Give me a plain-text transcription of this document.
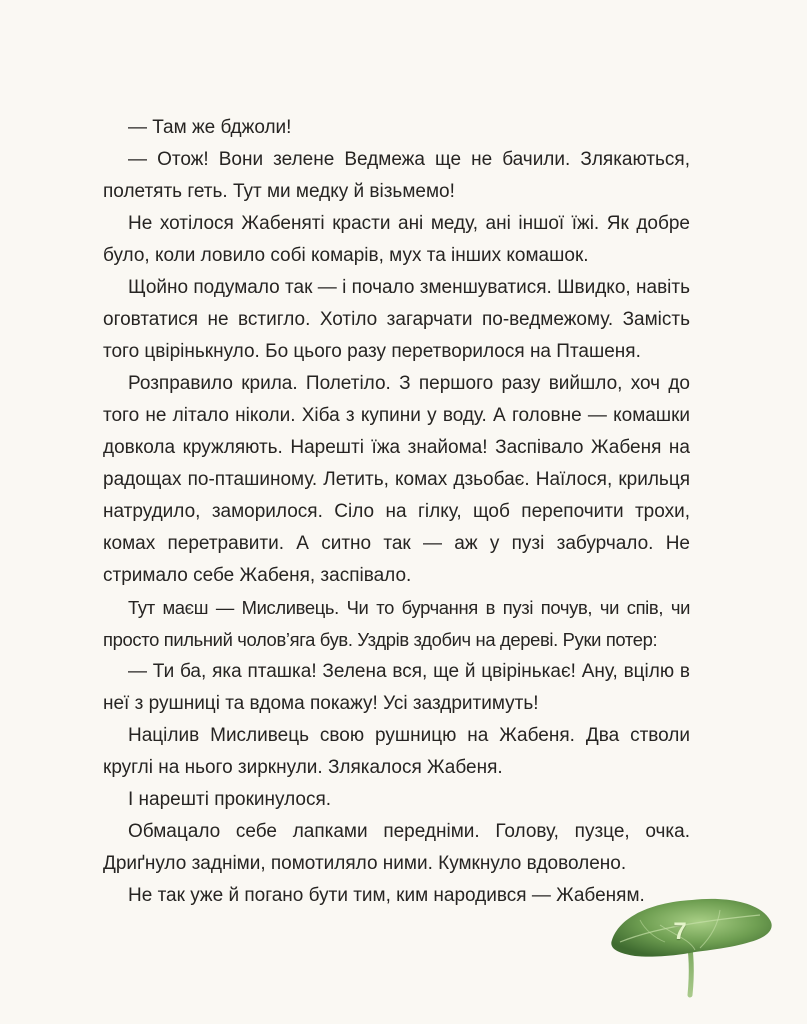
— Там же бджоли!

— Отож! Вони зелене Ведмежа ще не бачили. Злякаються, полетять геть. Тут ми медку й візьмемо!

Не хотілося Жабеняті красти ані меду, ані іншої їжі. Як добре було, коли ловило собі комарів, мух та інших комашок.

Щойно подумало так — і почало зменшуватися. Швидко, навіть оговтатися не встигло. Хотіло загарчати по-ведмежому. Замість того цвірінькнуло. Бо цього разу перетворилося на Пташеня.

Розправило крила. Полетіло. З першого разу вийшло, хоч до того не літало ніколи. Хіба з купини у воду. А головне — комашки довкола кружляють. Нарешті їжа знайома! Заспівало Жабеня на радощах по-пташиному. Летить, комах дзьобає. Наїлося, крильця натрудило, заморилося. Сіло на гілку, щоб перепочити трохи, комах перетравити. А ситно так — аж у пузі забурчало. Не стримало себе Жабеня, заспівало.

Тут маєш — Мисливець. Чи то бурчання в пузі почув, чи спів, чи просто пильний чолов’яга був. Уздрів здобич на дереві. Руки потер:

— Ти ба, яка пташка! Зелена вся, ще й цвірінькає! Ану, вцілю в неї з рушниці та вдома покажу! Усі заздритимуть!

Націлив Мисливець свою рушницю на Жабеня. Два стволи круглі на нього зиркнули. Злякалося Жабеня.

І нарешті прокинулося.

Обмацало себе лапками передніми. Голову, пузце, очка. Дриґнуло задніми, помотиляло ними. Кумкнуло вдоволено.

Не так уже й погано бути тим, ким народився — Жабеням.

7
